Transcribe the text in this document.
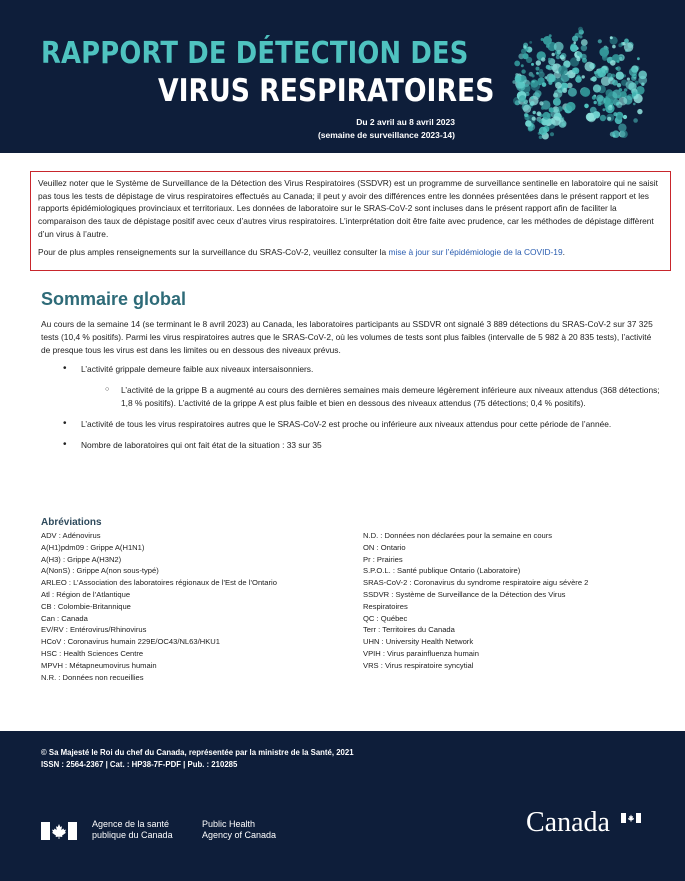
RAPPORT DE DÉTECTION DES
VIRUS RESPIRATOIRES
Du 2 avril au 8 avril 2023
(semaine de surveillance 2023-14)

Veuillez noter que le Système de Surveillance de la Détection des Virus Respiratoires (SSDVR) est un programme de surveillance sentinelle en laboratoire qui ne saisit pas tous les tests de dépistage de virus respiratoires effectués au Canada; il peut y avoir des différences entre les données présentées dans le présent rapport et les rapports épidémiologiques provinciaux et territoriaux. Les données de laboratoire sur le SRAS-CoV-2 sont incluses dans le présent rapport afin de faciliter la comparaison des taux de dépistage positif avec ceux d’autres virus respiratoires. L’interprétation doit être faite avec prudence, car les méthodes de dépistage diffèrent d’un virus à l’autre.

Pour de plus amples renseignements sur la surveillance du SRAS-CoV-2, veuillez consulter la mise à jour sur l’épidémiologie de la COVID-19.

Sommaire global

Au cours de la semaine 14 (se terminant le 8 avril 2023) au Canada, les laboratoires participants au SSDVR ont signalé 3 889 détections du SRAS-CoV-2 sur 37 325 tests (10,4 % positifs). Parmi les virus respiratoires autres que le SRAS-CoV-2, où les volumes de tests sont plus faibles (intervalle de 5 982 à 20 835 tests), l’activité de presque tous les virus est dans les limites ou en dessous des niveaux prévus.

• L’activité grippale demeure faible aux niveaux intersaisonniers.
○ L’activité de la grippe B a augmenté au cours des dernières semaines mais demeure légèrement inférieure aux niveaux attendus (368 détections; 1,8 % positifs). L’activité de la grippe A est plus faible et bien en dessous des niveaux attendus (75 détections; 0,4 % positifs).
• L’activité de tous les virus respiratoires autres que le SRAS-CoV-2 est proche ou inférieure aux niveaux attendus pour cette période de l’année.
• Nombre de laboratoires qui ont fait état de la situation : 33 sur 35
Abréviations
ADV : Adénovirus
A(H1)pdm09 : Grippe A(H1N1)
A(H3) : Grippe A(H3N2)
A(NonS) : Grippe A(non sous-typé)
ARLEO : L’Association des laboratoires régionaux de l’Est de l’Ontario
Atl : Région de l’Atlantique
CB : Colombie-Britannique
Can : Canada
EV/RV : Entérovirus/Rhinovirus
HCoV : Coronavirus humain 229E/OC43/NL63/HKU1
HSC : Health Sciences Centre
MPVH : Métapneumovirus humain
N.R. : Données non recueillies
N.D. : Données non déclarées pour la semaine en cours
ON : Ontario
Pr : Prairies
S.P.O.L. : Santé publique Ontario (Laboratoire)
SRAS-CoV-2 : Coronavirus du syndrome respiratoire aigu sévère 2
SSDVR : Système de Surveillance de la Détection des Virus
Respiratoires
QC : Québec
Terr : Territoires du Canada
UHN : University Health Network
VPIH : Virus parainfluenza humain
VRS : Virus respiratoire syncytial
© Sa Majesté le Roi du chef du Canada, représentée par la ministre de la Santé, 2021
ISSN : 2564-2367 | Cat. : HP38-7F-PDF | Pub. : 210285
Agence de la santé
publique du Canada
Public Health
Agency of Canada	Canada
